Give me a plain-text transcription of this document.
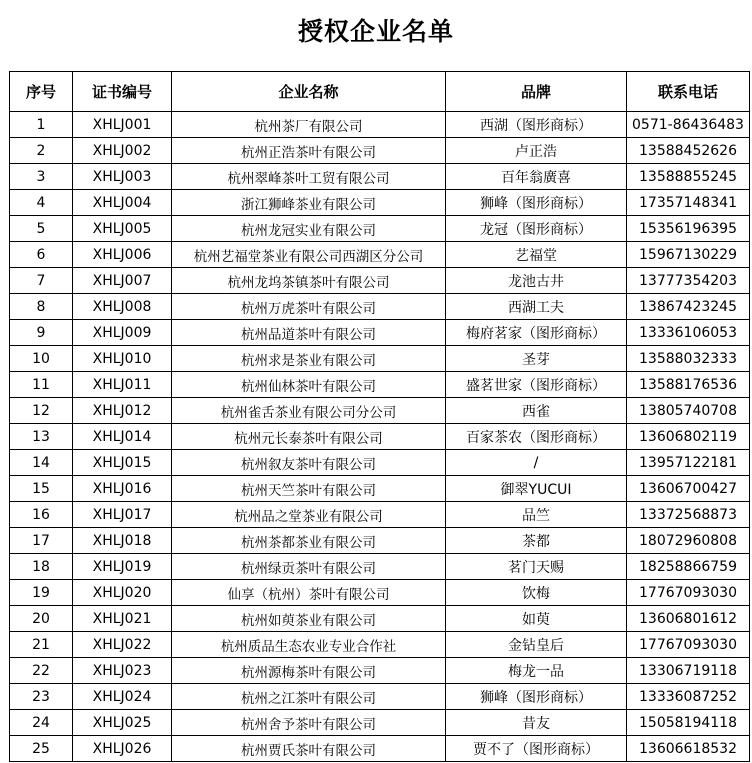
授权企业名单
序号	证书编号	企业名称	品牌	联系电话
1	XHLJ001	杭州茶厂有限公司	西湖（图形商标）	0571-86436483
2	XHLJ002	杭州正浩茶叶有限公司	卢正浩	13588452626
3	XHLJ003	杭州翠峰茶叶工贸有限公司	百年翁廣喜	13588855245
4	XHLJ004	浙江狮峰茶业有限公司	狮峰（图形商标）	17357148341
5	XHLJ005	杭州龙冠实业有限公司	龙冠（图形商标）	15356196395
6	XHLJ006	杭州艺福堂茶业有限公司西湖区分公司	艺福堂	15967130229
7	XHLJ007	杭州龙坞茶镇茶叶有限公司	龙池古井	13777354203
8	XHLJ008	杭州万虎茶叶有限公司	西湖工夫	13867423245
9	XHLJ009	杭州品道茶叶有限公司	梅府茗家（图形商标）	13336106053
10	XHLJ010	杭州求是茶业有限公司	圣芽	13588032333
11	XHLJ011	杭州仙林茶叶有限公司	盛茗世家（图形商标）	13588176536
12	XHLJ012	杭州雀舌茶业有限公司分公司	西雀	13805740708
13	XHLJ014	杭州元长泰茶叶有限公司	百家茶农（图形商标）	13606802119
14	XHLJ015	杭州叙友茶叶有限公司	/	13957122181
15	XHLJ016	杭州天竺茶叶有限公司	御翠YUCUI	13606700427
16	XHLJ017	杭州品之堂茶业有限公司	品竺	13372568873
17	XHLJ018	杭州茶都茶业有限公司	茶都	18072960808
18	XHLJ019	杭州绿贡茶叶有限公司	茗门天赐	18258866759
19	XHLJ020	仙享（杭州）茶叶有限公司	饮梅	17767093030
20	XHLJ021	杭州如萸茶业有限公司	如萸	13606801612
21	XHLJ022	杭州质品生态农业专业合作社	金钻皇后	17767093030
22	XHLJ023	杭州源梅茶叶有限公司	梅龙一品	13306719118
23	XHLJ024	杭州之江茶叶有限公司	狮峰（图形商标）	13336087252
24	XHLJ025	杭州舍予茶叶有限公司	昔友	15058194118
25	XHLJ026	杭州贾氏茶叶有限公司	贾不了（图形商标）	13606618532
